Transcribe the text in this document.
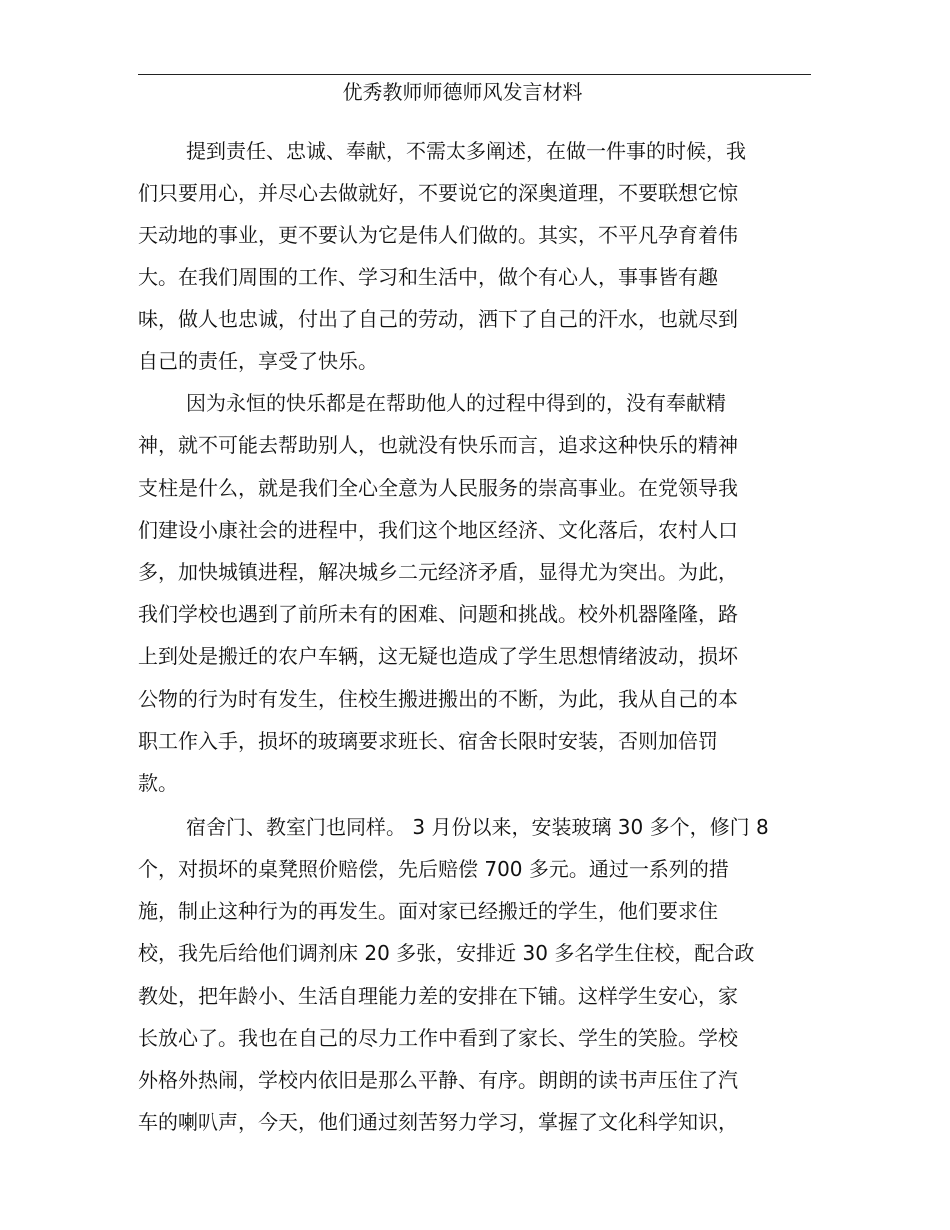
优秀教师师德师风发言材料
提到责任、忠诚、奉献，不需太多阐述，在做一件事的时候，我
们只要用心，并尽心去做就好，不要说它的深奥道理，不要联想它惊
天动地的事业，更不要认为它是伟人们做的。其实，不平凡孕育着伟
大。在我们周围的工作、学习和生活中，做个有心人，事事皆有趣
味，做人也忠诚，付出了自己的劳动，洒下了自己的汗水，也就尽到
自己的责任，享受了快乐。
因为永恒的快乐都是在帮助他人的过程中得到的，没有奉献精
神，就不可能去帮助别人，也就没有快乐而言，追求这种快乐的精神
支柱是什么，就是我们全心全意为人民服务的崇高事业。在党领导我
们建设小康社会的进程中，我们这个地区经济、文化落后，农村人口
多，加快城镇进程，解决城乡二元经济矛盾，显得尤为突出。为此，
我们学校也遇到了前所未有的困难、问题和挑战。校外机器隆隆，路
上到处是搬迁的农户车辆，这无疑也造成了学生思想情绪波动，损坏
公物的行为时有发生，住校生搬进搬出的不断，为此，我从自己的本
职工作入手，损坏的玻璃要求班长、宿舍长限时安装，否则加倍罚
款。
宿舍门、教室门也同样。 3 月份以来，安装玻璃 30 多个，修门 8
个，对损坏的桌凳照价赔偿，先后赔偿 700 多元。通过一系列的措
施，制止这种行为的再发生。面对家已经搬迁的学生，他们要求住
校，我先后给他们调剂床 20 多张，安排近 30 多名学生住校，配合政
教处，把年龄小、生活自理能力差的安排在下铺。这样学生安心，家
长放心了。我也在自己的尽力工作中看到了家长、学生的笑脸。学校
外格外热闹，学校内依旧是那么平静、有序。朗朗的读书声压住了汽
车的喇叭声，今天，他们通过刻苦努力学习，掌握了文化科学知识，
